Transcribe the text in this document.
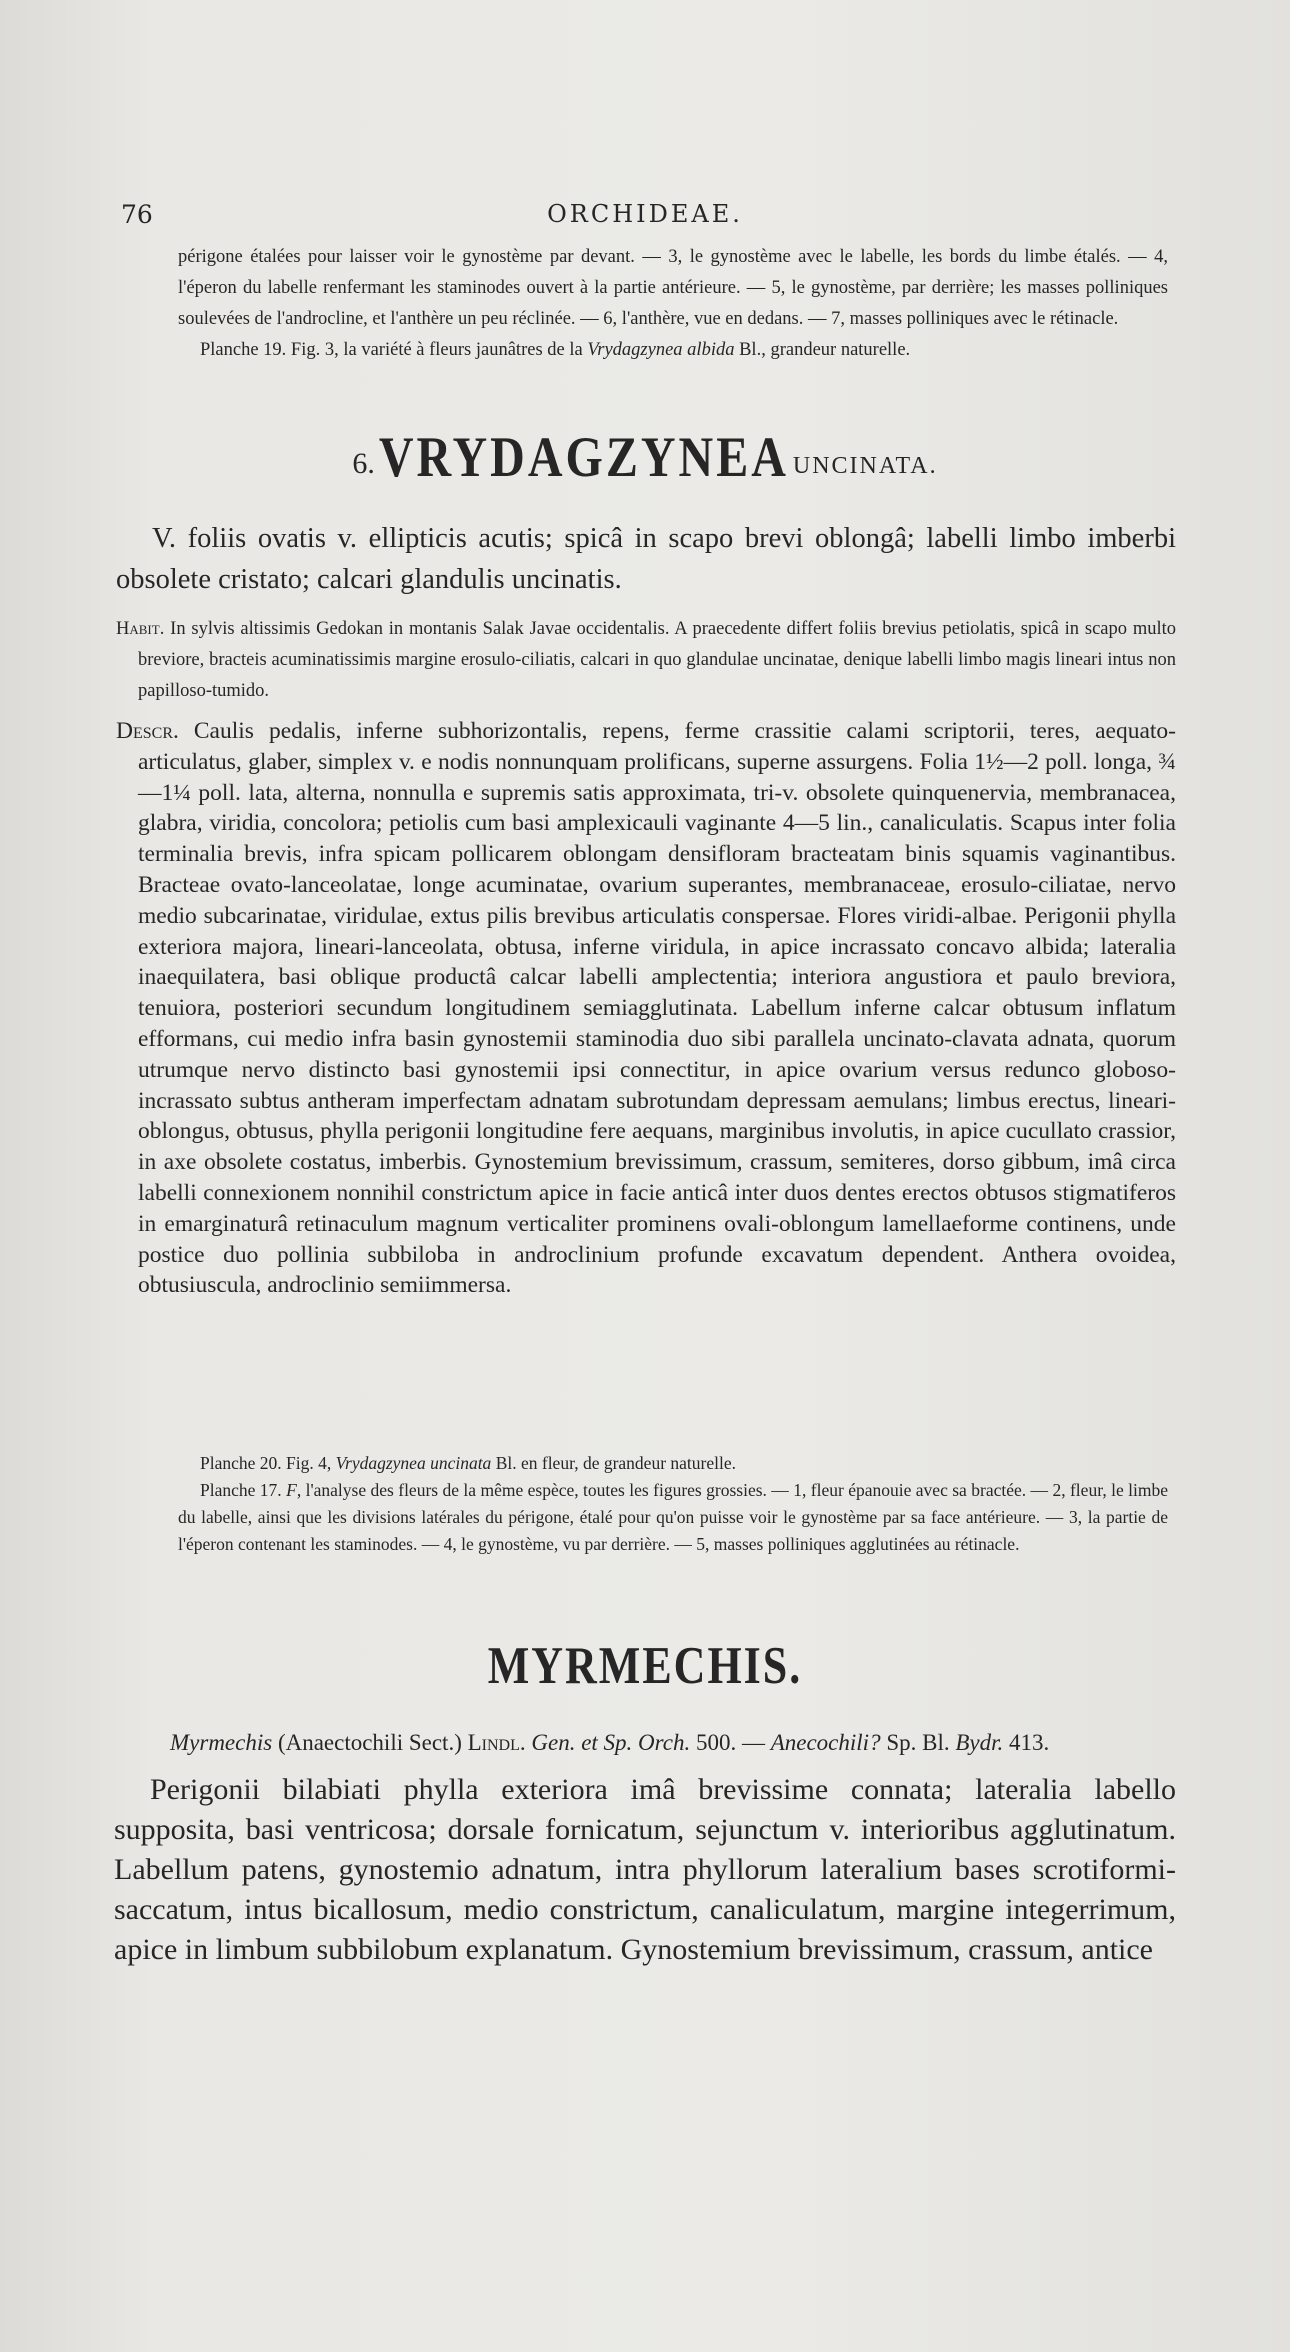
76	ORCHIDEAE.

périgone étalées pour laisser voir le gynostème par devant. — 3, le gynostème avec le labelle, les bords du limbe étalés. — 4, l'éperon du labelle renfermant les staminodes ouvert à la partie antérieure. — 5, le gynostème, par derrière; les masses polliniques soulevées de l'androcline, et l'anthère un peu réclinée. — 6, l'anthère, vue en dedans. — 7, masses polliniques avec le rétinacle.

Planche 19. Fig. 3, la variété à fleurs jaunâtres de la Vrydagzynea albida Bl., grandeur naturelle.

6. VRYDAGZYNEA UNCINATA.

V. foliis ovatis v. ellipticis acutis; spicâ in scapo brevi oblongâ; labelli limbo imberbi obsolete cristato; calcari glandulis uncinatis.

Habit. In sylvis altissimis Gedokan in montanis Salak Javae occidentalis. A praecedente differt foliis brevius petiolatis, spicâ in scapo multo breviore, bracteis acuminatissimis margine erosulo-ciliatis, calcari in quo glandulae uncinatae, denique labelli limbo magis lineari intus non papilloso-tumido.

Descr. Caulis pedalis, inferne subhorizontalis, repens, ferme crassitie calami scriptorii, teres, aequato-articulatus, glaber, simplex v. e nodis nonnunquam prolificans, superne assurgens. Folia 1½—2 poll. longa, ¾—1¼ poll. lata, alterna, nonnulla e supremis satis approximata, tri-v. obsolete quinquenervia, membranacea, glabra, viridia, concolora; petiolis cum basi amplexicauli vaginante 4—5 lin., canaliculatis. Scapus inter folia terminalia brevis, infra spicam pollicarem oblongam densifloram bracteatam binis squamis vaginantibus. Bracteae ovato-lanceolatae, longe acuminatae, ovarium superantes, membranaceae, erosulo-ciliatae, nervo medio subcarinatae, viridulae, extus pilis brevibus articulatis conspersae. Flores viridi-albae. Perigonii phylla exteriora majora, lineari-lanceolata, obtusa, inferne viridula, in apice incrassato concavo albida; lateralia inaequilatera, basi oblique productâ calcar labelli amplectentia; interiora angustiora et paulo breviora, tenuiora, posteriori secundum longitudinem semiagglutinata. Labellum inferne calcar obtusum inflatum efformans, cui medio infra basin gynostemii staminodia duo sibi parallela uncinato-clavata adnata, quorum utrumque nervo distincto basi gynostemii ipsi connectitur, in apice ovarium versus redunco globoso-incrassato subtus antheram imperfectam adnatam subrotundam depressam aemulans; limbus erectus, lineari-oblongus, obtusus, phylla perigonii longitudine fere aequans, marginibus involutis, in apice cucullato crassior, in axe obsolete costatus, imberbis. Gynostemium brevissimum, crassum, semiteres, dorso gibbum, imâ circa labelli connexionem nonnihil constrictum apice in facie anticâ inter duos dentes erectos obtusos stigmatiferos in emarginaturâ retinaculum magnum verticaliter prominens ovali-oblongum lamellaeforme continens, unde postice duo pollinia subbiloba in androclinium profunde excavatum dependent. Anthera ovoidea, obtusiuscula, androclinio semiimmersa.

Planche 20. Fig. 4, Vrydagzynea uncinata Bl. en fleur, de grandeur naturelle.

Planche 17. F, l'analyse des fleurs de la même espèce, toutes les figures grossies. — 1, fleur épanouie avec sa bractée. — 2, fleur, le limbe du labelle, ainsi que les divisions latérales du périgone, étalé pour qu'on puisse voir le gynostème par sa face antérieure. — 3, la partie de l'éperon contenant les staminodes. — 4, le gynostème, vu par derrière. — 5, masses polliniques agglutinées au rétinacle.

MYRMECHIS.
Myrmechis (Anaectochili Sect.) Lindl. Gen. et Sp. Orch. 500. — Anecochili? Sp. Bl. Bydr. 413.

Perigonii bilabiati phylla exteriora imâ brevissime connata; lateralia labello supposita, basi ventricosa; dorsale fornicatum, sejunctum v. interioribus agglutinatum. Labellum patens, gynostemio adnatum, intra phyllorum lateralium bases scrotiformi-saccatum, intus bicallosum, medio constrictum, canaliculatum, margine integerrimum, apice in limbum subbilobum explanatum. Gynostemium brevissimum, crassum, antice
